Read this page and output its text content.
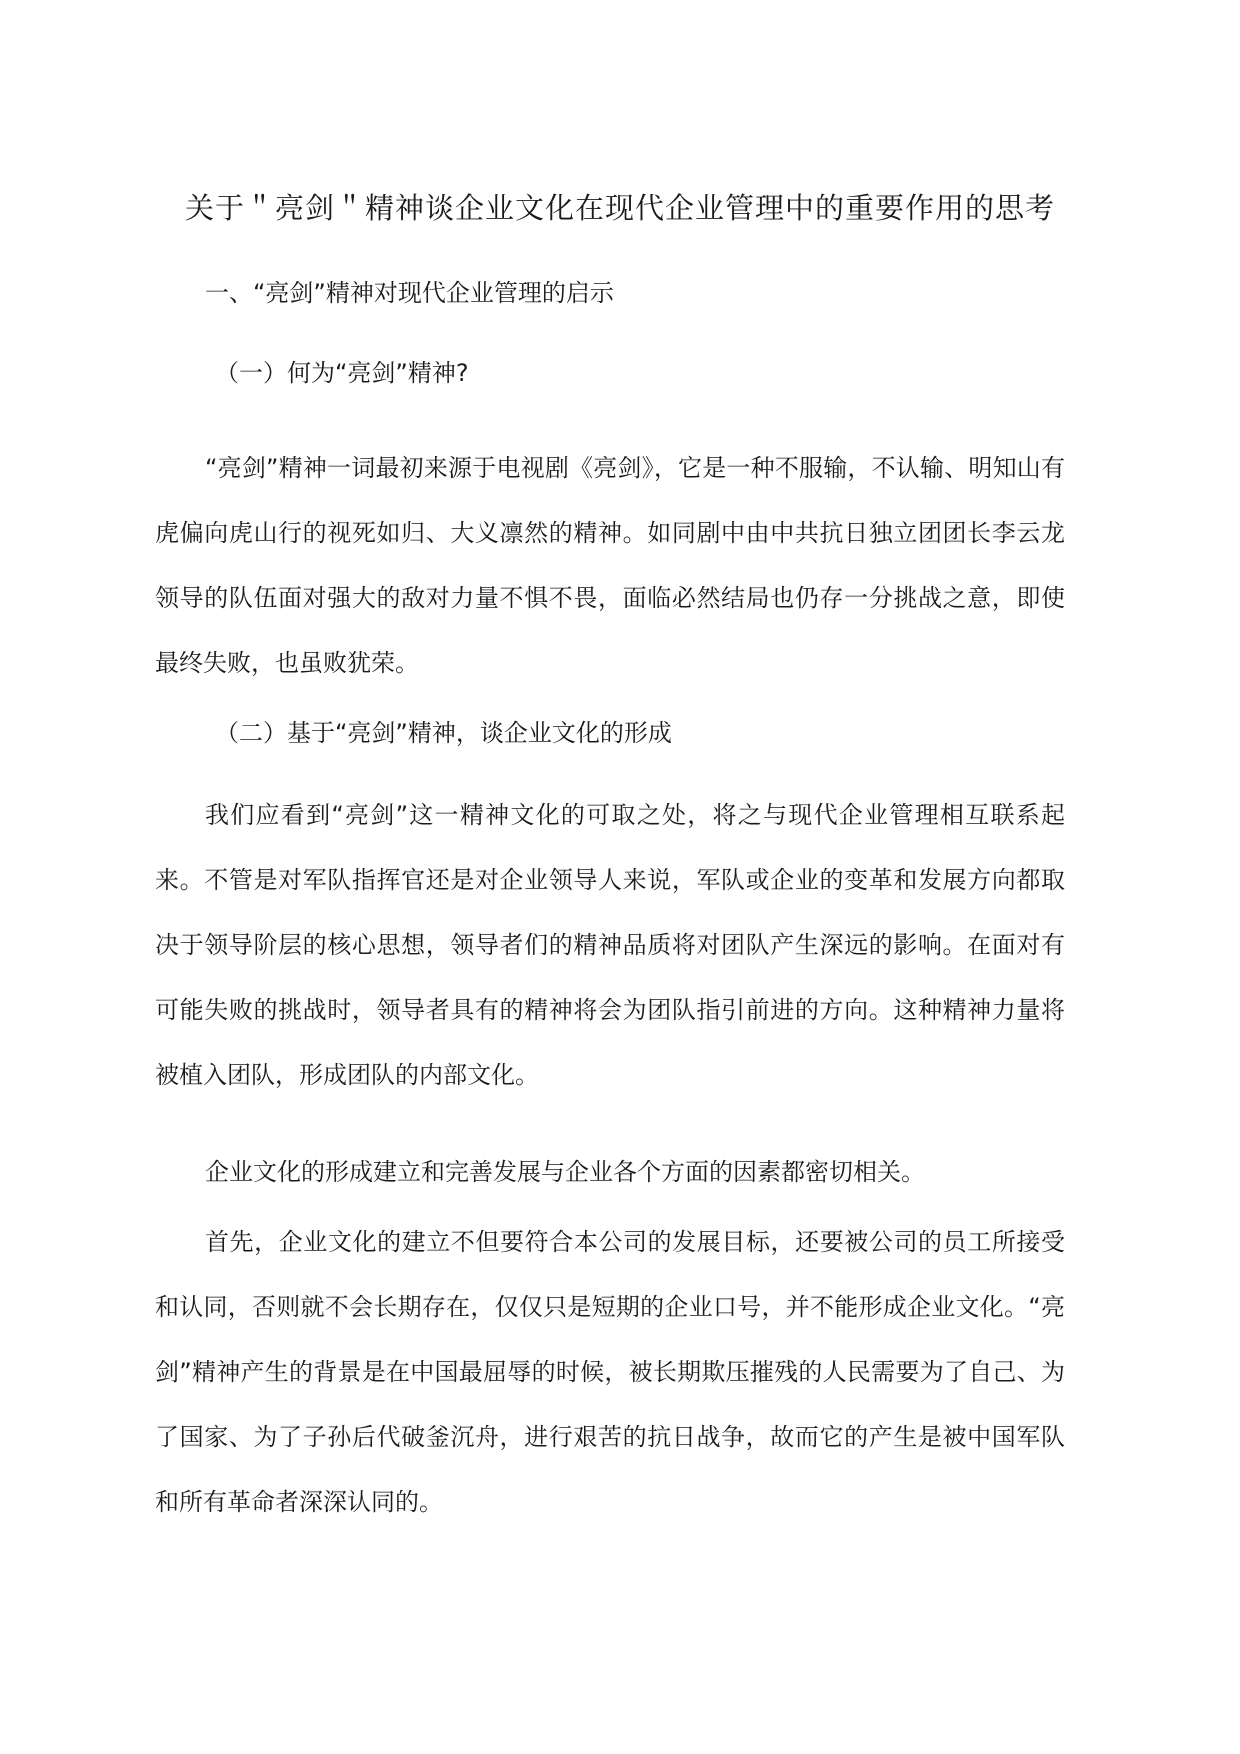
关于＂亮剑＂精神谈企业文化在现代企业管理中的重要作用的思考
一、“亮剑”精神对现代企业管理的启示
（一）何为“亮剑”精神?

“亮剑”精神一词最初来源于电视剧《亮剑》，它是一种不服输，不认输、明知山有虎偏向虎山行的视死如归、大义凛然的精神。如同剧中由中共抗日独立团团长李云龙领导的队伍面对强大的敌对力量不惧不畏，面临必然结局也仍存一分挑战之意，即使最终失败，也虽败犹荣。

（二）基于“亮剑”精神，谈企业文化的形成

我们应看到“亮剑”这一精神文化的可取之处，将之与现代企业管理相互联系起来。不管是对军队指挥官还是对企业领导人来说，军队或企业的变革和发展方向都取决于领导阶层的核心思想，领导者们的精神品质将对团队产生深远的影响。在面对有可能失败的挑战时，领导者具有的精神将会为团队指引前进的方向。这种精神力量将被植入团队，形成团队的内部文化。

企业文化的形成建立和完善发展与企业各个方面的因素都密切相关。

首先，企业文化的建立不但要符合本公司的发展目标，还要被公司的员工所接受和认同，否则就不会长期存在，仅仅只是短期的企业口号，并不能形成企业文化。“亮剑”精神产生的背景是在中国最屈辱的时候，被长期欺压摧残的人民需要为了自己、为了国家、为了子孙后代破釜沉舟，进行艰苦的抗日战争，故而它的产生是被中国军队和所有革命者深深认同的。
